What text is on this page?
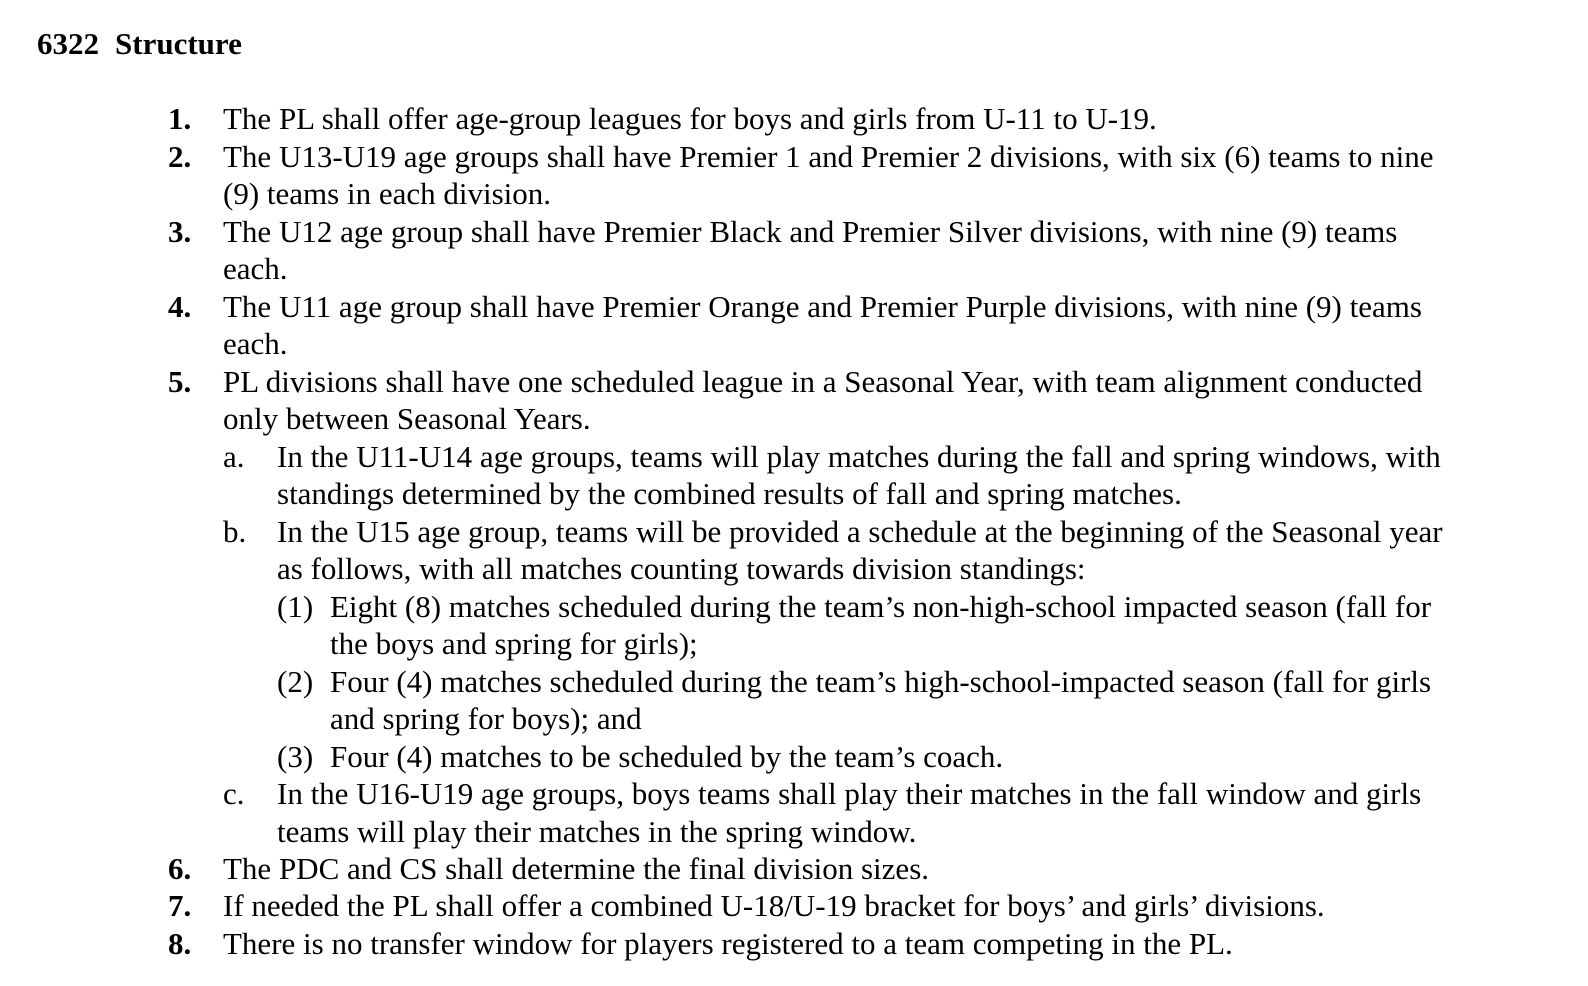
6322 Structure
1. The PL shall offer age-group leagues for boys and girls from U-11 to U-19.
2. The U13-U19 age groups shall have Premier 1 and Premier 2 divisions, with six (6) teams to nine
(9) teams in each division.
3. The U12 age group shall have Premier Black and Premier Silver divisions, with nine (9) teams
each.
4. The U11 age group shall have Premier Orange and Premier Purple divisions, with nine (9) teams
each.
5. PL divisions shall have one scheduled league in a Seasonal Year, with team alignment conducted
only between Seasonal Years.
a. In the U11-U14 age groups, teams will play matches during the fall and spring windows, with
standings determined by the combined results of fall and spring matches.
b. In the U15 age group, teams will be provided a schedule at the beginning of the Seasonal year
as follows, with all matches counting towards division standings:
(1) Eight (8) matches scheduled during the team’s non-high-school impacted season (fall for
the boys and spring for girls);
(2) Four (4) matches scheduled during the team’s high-school-impacted season (fall for girls
and spring for boys); and
(3) Four (4) matches to be scheduled by the team’s coach.
c. In the U16-U19 age groups, boys teams shall play their matches in the fall window and girls
teams will play their matches in the spring window.
6. The PDC and CS shall determine the final division sizes.
7. If needed the PL shall offer a combined U-18/U-19 bracket for boys’ and girls’ divisions.
8. There is no transfer window for players registered to a team competing in the PL.
